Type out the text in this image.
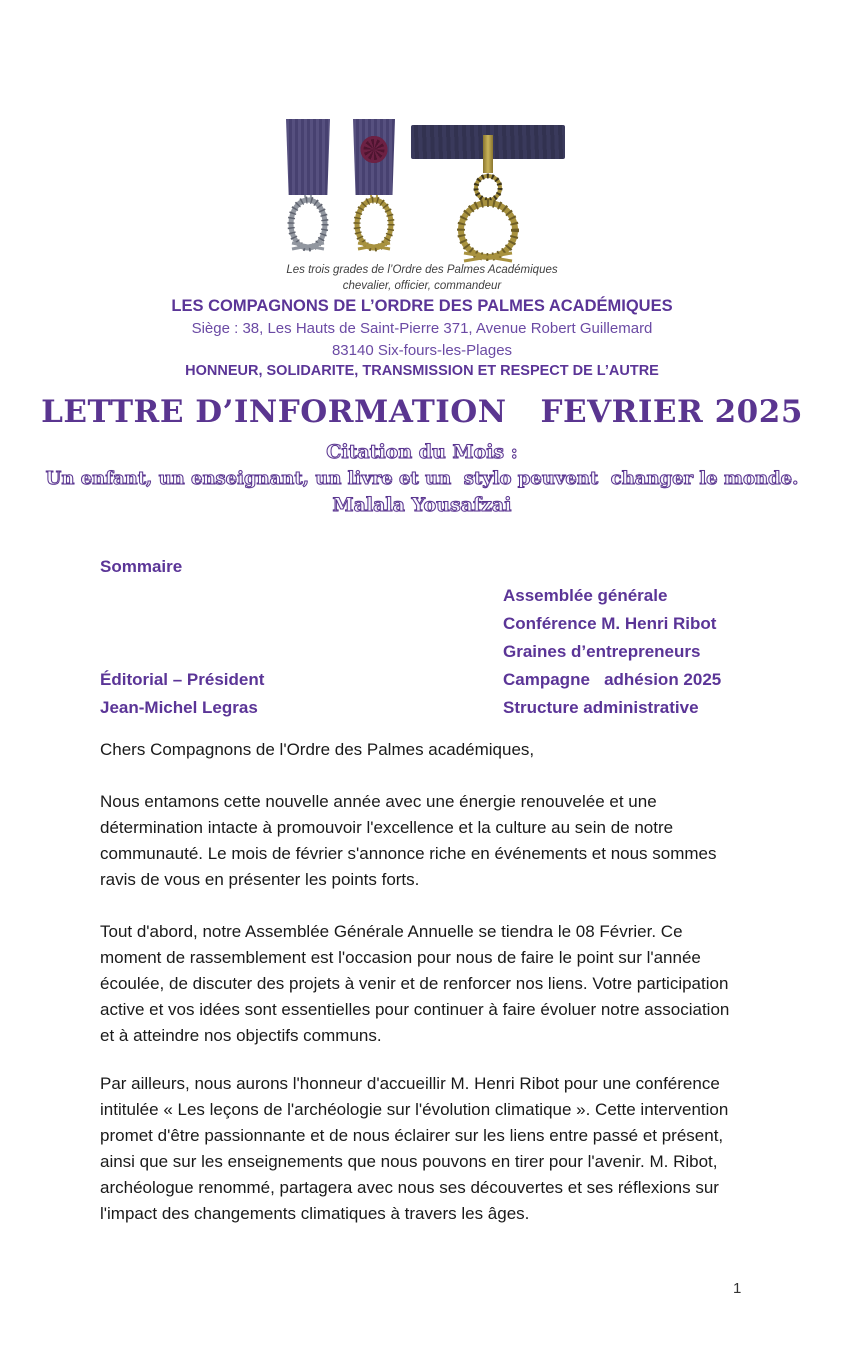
Les trois grades de l’Ordre des Palmes Académiques
chevalier, officier, commandeur
LES COMPAGNONS DE L’ORDRE DES PALMES ACADÉMIQUES
Siège : 38, Les Hauts de Saint-Pierre 371, Avenue Robert Guillemard
83140 Six-fours-les-Plages
HONNEUR, SOLIDARITE, TRANSMISSION ET RESPECT DE L’AUTRE
LETTRE D’INFORMATION   FEVRIER 2025
Citation du Mois :
Un enfant, un enseignant, un livre et un  stylo peuvent  changer le monde.
Malala Yousafzai
Sommaire
Assemblée générale
Conférence M. Henri Ribot
Graines d’entrepreneurs
Campagne   adhésion 2025
Structure administrative
Éditorial – Président
Jean-Michel Legras
Chers Compagnons de l'Ordre des Palmes académiques,
Nous entamons cette nouvelle année avec une énergie renouvelée et une détermination intacte à promouvoir l'excellence et la culture au sein de notre communauté. Le mois de février s'annonce riche en événements et nous sommes ravis de vous en présenter les points forts.
Tout d'abord, notre Assemblée Générale Annuelle se tiendra le 08 Février. Ce moment de rassemblement est l'occasion pour nous de faire le point sur l'année écoulée, de discuter des projets à venir et de renforcer nos liens. Votre participation active et vos idées sont essentielles pour continuer à faire évoluer notre association et à atteindre nos objectifs communs.
Par ailleurs, nous aurons l'honneur d'accueillir M. Henri Ribot pour une conférence intitulée « Les leçons de l'archéologie sur l'évolution climatique ». Cette intervention promet d'être passionnante et de nous éclairer sur les liens entre passé et présent, ainsi que sur les enseignements que nous pouvons en tirer pour l'avenir. M. Ribot, archéologue renommé, partagera avec nous ses découvertes et ses réflexions sur l'impact des changements climatiques à travers les âges.
1
